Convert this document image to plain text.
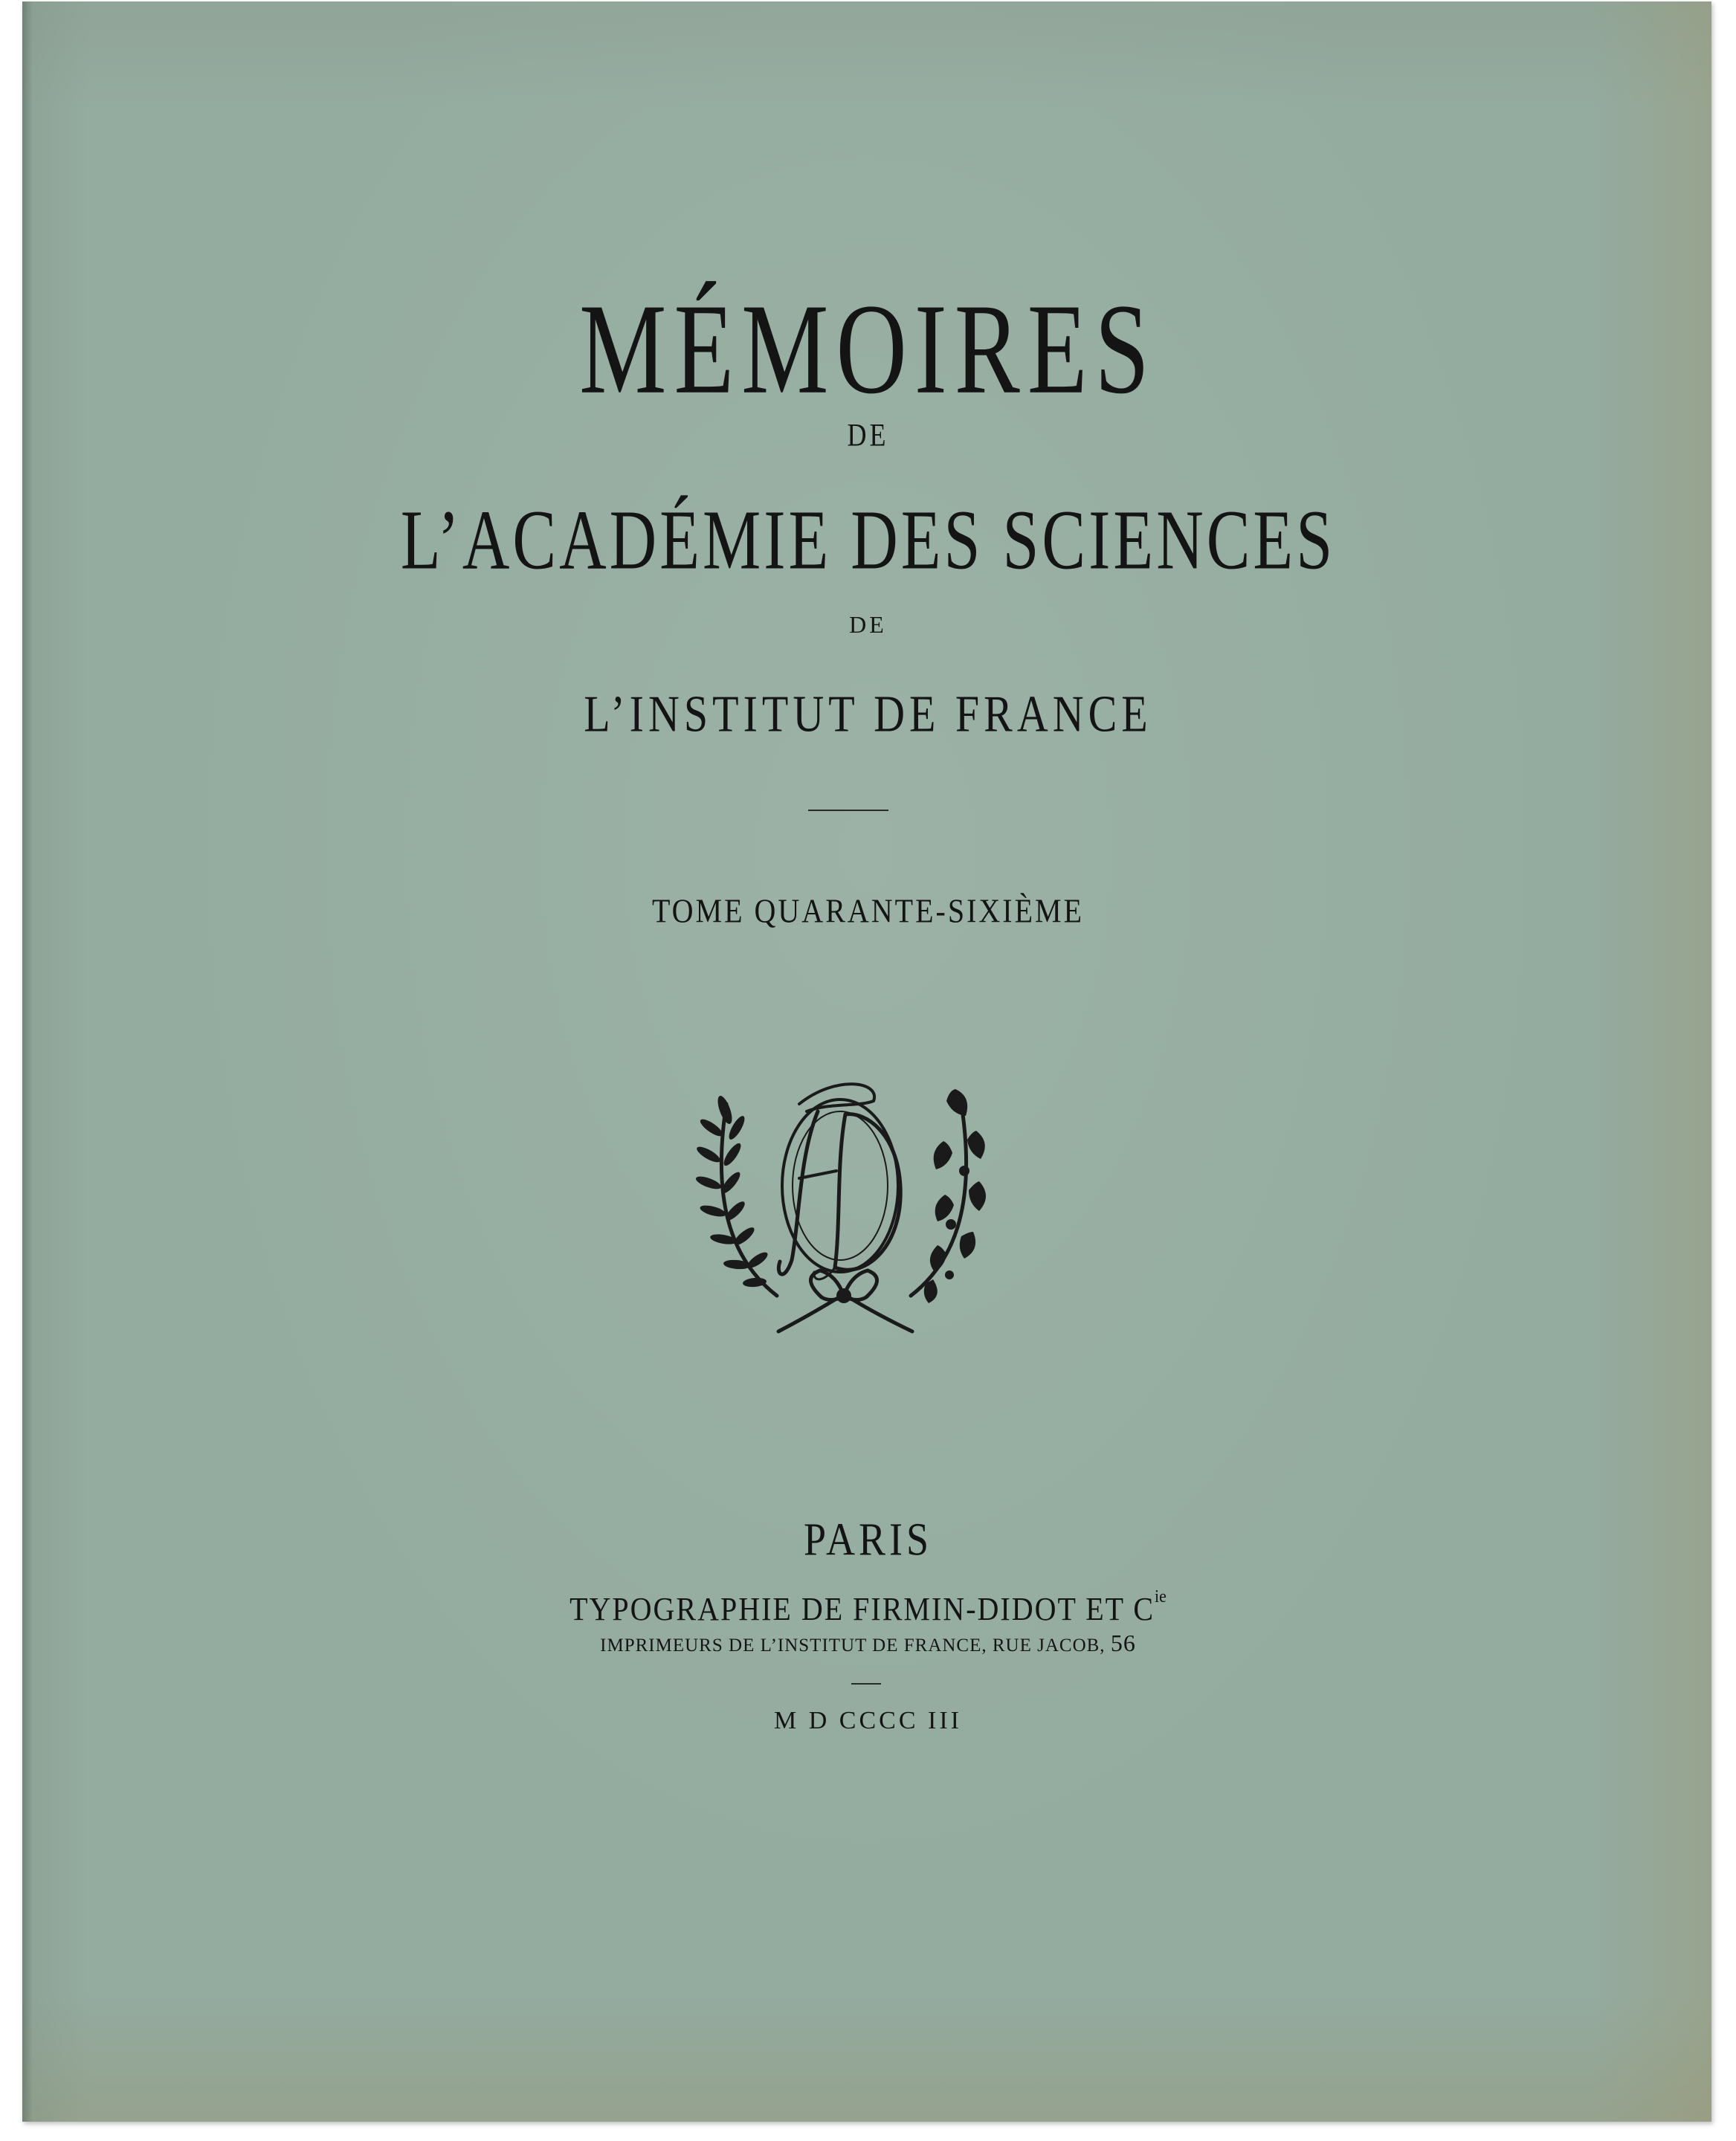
MÉMOIRES
DE
L’ACADÉMIE DES SCIENCES
DE
L’INSTITUT DE FRANCE
TOME QUARANTE-SIXIÈME
PARIS
TYPOGRAPHIE DE FIRMIN-DIDOT ET $C^{ie}$
IMPRIMEURS DE L’INSTITUT DE FRANCE, RUE JACOB, 56
M D CCCC III
